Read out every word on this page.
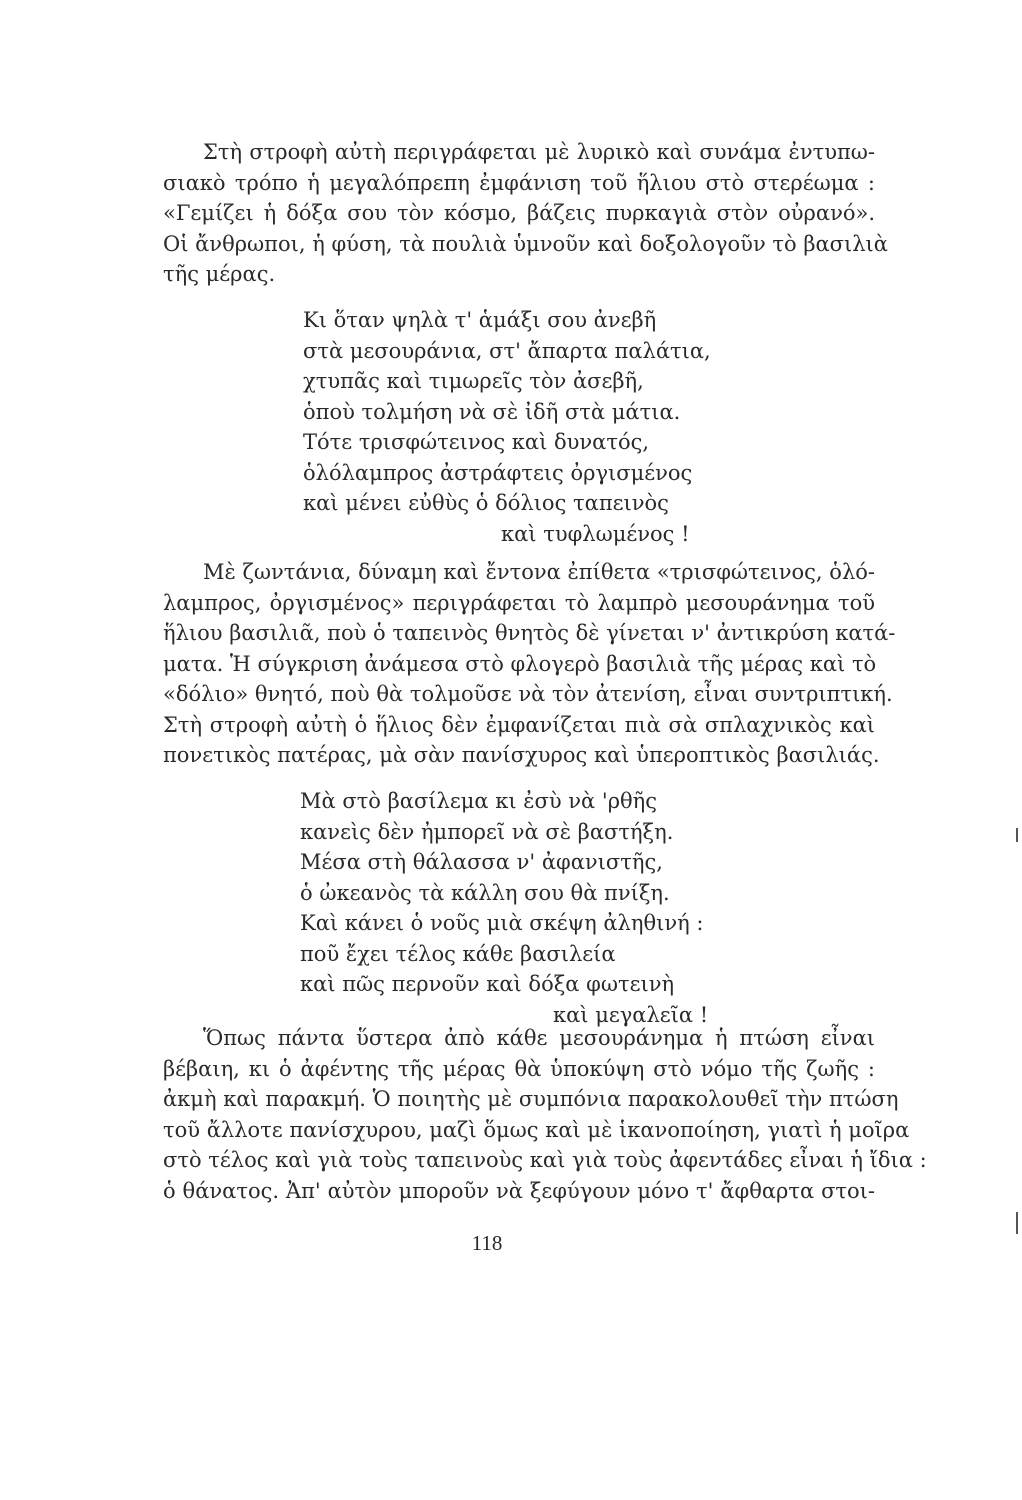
Στὴ στροφὴ αὐτὴ περιγράφεται μὲ λυρικὸ καὶ συνάμα ἐντυπω-
σιακὸ τρόπο ἡ μεγαλόπρεπη ἐμφάνιση τοῦ ἥλιου στὸ στερέωμα :
«Γεμίζει ἡ δόξα σου τὸν κόσμο, βάζεις πυρκαγιὰ στὸν οὐρανό».
Οἱ ἄνθρωποι, ἡ φύση, τὰ πουλιὰ ὑμνοῦν καὶ δοξολογοῦν τὸ βασιλιὰ
τῆς μέρας.
Κι ὅταν ψηλὰ τ' ἁμάξι σου ἀνεβῆ
στὰ μεσουράνια, στ' ἄπαρτα παλάτια,
χτυπᾶς καὶ τιμωρεῖς τὸν ἀσεβῆ,
ὁποὺ τολμήση νὰ σὲ ἰδῆ στὰ μάτια.
Τότε τρισφώτεινος καὶ δυνατός,
ὁλόλαμπρος ἀστράφτεις ὀργισμένος
καὶ μένει εὐθὺς ὁ δόλιος ταπεινὸς
καὶ τυφλωμένος !
Μὲ ζωντάνια, δύναμη καὶ ἔντονα ἐπίθετα «τρισφώτεινος, ὁλό-
λαμπρος, ὀργισμένος» περιγράφεται τὸ λαμπρὸ μεσουράνημα τοῦ
ἥλιου βασιλιᾶ, ποὺ ὁ ταπεινὸς θνητὸς δὲ γίνεται ν' ἀντικρύση κατά-
ματα. Ἡ σύγκριση ἀνάμεσα στὸ φλογερὸ βασιλιὰ τῆς μέρας καὶ τὸ
«δόλιο» θνητό, ποὺ θὰ τολμοῦσε νὰ τὸν ἀτενίση, εἶναι συντριπτική.
Στὴ στροφὴ αὐτὴ ὁ ἥλιος δὲν ἐμφανίζεται πιὰ σὰ σπλαχνικὸς καὶ
πονετικὸς πατέρας, μὰ σὰν πανίσχυρος καὶ ὑπεροπτικὸς βασιλιάς.
Μὰ στὸ βασίλεμα κι ἐσὺ νὰ 'ρθῆς
κανεὶς δὲν ἠμπορεῖ νὰ σὲ βαστήξη.
Μέσα στὴ θάλασσα ν' ἀφανιστῆς,
ὁ ὠκεανὸς τὰ κάλλη σου θὰ πνίξη.
Καὶ κάνει ὁ νοῦς μιὰ σκέψη ἀληθινή :
ποῦ ἔχει τέλος κάθε βασιλεία
καὶ πῶς περνοῦν καὶ δόξα φωτεινὴ
καὶ μεγαλεῖα !
Ὅπως πάντα ὕστερα ἀπὸ κάθε μεσουράνημα ἡ πτώση εἶναι
βέβαιη, κι ὁ ἀφέντης τῆς μέρας θὰ ὑποκύψη στὸ νόμο τῆς ζωῆς :
ἀκμὴ καὶ παρακμή. Ὁ ποιητὴς μὲ συμπόνια παρακολουθεῖ τὴν πτώση
τοῦ ἄλλοτε πανίσχυρου, μαζὶ ὅμως καὶ μὲ ἱκανοποίηση, γιατὶ ἡ μοῖρα
στὸ τέλος καὶ γιὰ τοὺς ταπεινοὺς καὶ γιὰ τοὺς ἀφεντάδες εἶναι ἡ ἴδια :
ὁ θάνατος. Ἀπ' αὐτὸν μποροῦν νὰ ξεφύγουν μόνο τ' ἄφθαρτα στοι-
118
